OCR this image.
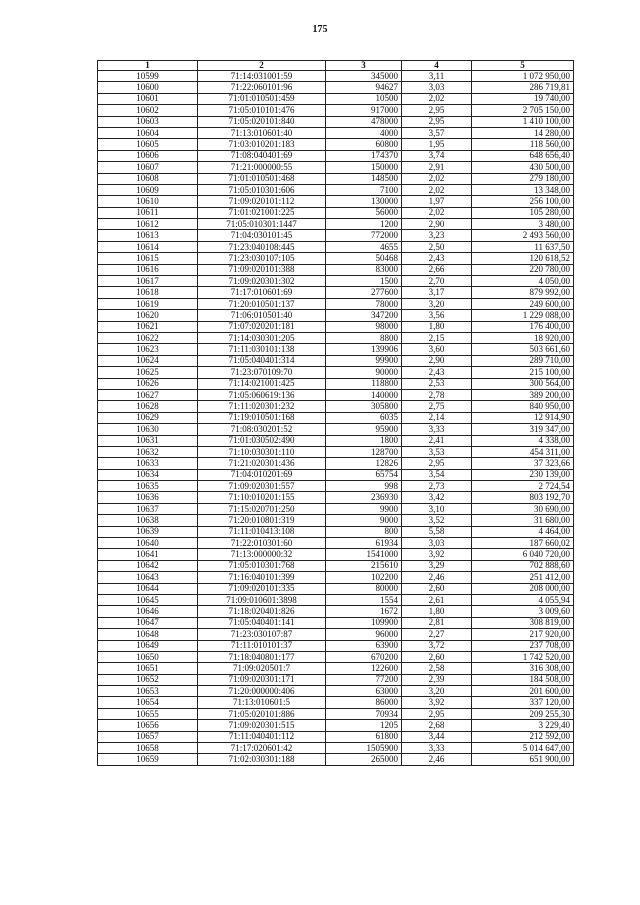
175
1	2	3	4	5
10599	71:14:031001:59	345000	3,11	1 072 950,00
10600	71:22:060101:96	94627	3,03	286 719,81
10601	71:01:010501:459	10500	2,02	19 740,00
10602	71:05:010101:476	917000	2,95	2 705 150,00
10603	71:05:020101:840	478000	2,95	1 410 100,00
10604	71:13:010601:40	4000	3,57	14 280,00
10605	71:03:010201:183	60800	1,95	118 560,00
10606	71:08:040401:69	174370	3,74	648 656,40
10607	71:21:000000:55	150000	2,91	430 500,00
10608	71:01:010501:468	148500	2,02	279 180,00
10609	71:05:010301:606	7100	2,02	13 348,00
10610	71:09:020101:112	130000	1,97	256 100,00
10611	71:01:021001:225	56000	2,02	105 280,00
10612	71:05:010301:1447	1200	2,90	3 480,00
10613	71:04:030101:45	772000	3,23	2 493 560,00
10614	71:23:040108:445	4655	2,50	11 637,50
10615	71:23:030107:105	50468	2,43	120 618,52
10616	71:09:020101:388	83000	2,66	220 780,00
10617	71:09:020301:302	1500	2,70	4 050,00
10618	71:17:010601:69	277600	3,17	879 992,00
10619	71:20:010501:137	78000	3,20	249 600,00
10620	71:06:010501:40	347200	3,56	1 229 088,00
10621	71:07:020201:181	98000	1,80	176 400,00
10622	71:14:030301:205	8800	2,15	18 920,00
10623	71:11:030101:138	139906	3,60	503 661,60
10624	71:05:040401:314	99900	2,90	289 710,00
10625	71:23:070109:70	90000	2,43	215 100,00
10626	71:14:021001:425	118800	2,53	300 564,00
10627	71:05:060619:136	140000	2,78	389 200,00
10628	71:11:020301:232	305800	2,75	840 950,00
10629	71:19:010501:168	6035	2,14	12 914,90
10630	71:08:030201:52	95900	3,33	319 347,00
10631	71:01:030502:490	1800	2,41	4 338,00
10632	71:10:030301:110	128700	3,53	454 311,00
10633	71:21:020301:436	12826	2,95	37 323,66
10634	71:04:010201:69	65754	3,54	230 139,00
10635	71:09:020301:557	998	2,73	2 724,54
10636	71:10:010201:155	236930	3,42	803 192,70
10637	71:15:020701:250	9900	3,10	30 690,00
10638	71:20:010801:319	9000	3,52	31 680,00
10639	71:11:010413:108	800	5,58	4 464,00
10640	71:22:010301:60	61934	3,03	187 660,02
10641	71:13:000000:32	1541000	3,92	6 040 720,00
10642	71:05:010301:768	215610	3,29	702 888,60
10643	71:16:040101:399	102200	2,46	251 412,00
10644	71:09:020101:335	80000	2,60	208 000,00
10645	71:09:010601:3898	1554	2,61	4 055,94
10646	71:18:020401:826	1672	1,80	3 009,60
10647	71:05:040401:141	109900	2,81	308 819,00
10648	71:23:030107:87	96000	2,27	217 920,00
10649	71:11:010101:37	63900	3,72	237 708,00
10650	71:18:040801:177	670200	2,60	1 742 520,00
10651	71:09:020501:7	122600	2,58	316 308,00
10652	71:09:020301:171	77200	2,39	184 508,00
10653	71:20:000000:406	63000	3,20	201 600,00
10654	71:13:010601:5	86000	3,92	337 120,00
10655	71:05:020101:886	70934	2,95	209 255,30
10656	71:09:020301:515	1205	2,68	3 229,40
10657	71:11:040401:112	61800	3,44	212 592,00
10658	71:17:020601:42	1505900	3,33	5 014 647,00
10659	71:02:030301:188	265000	2,46	651 900,00
